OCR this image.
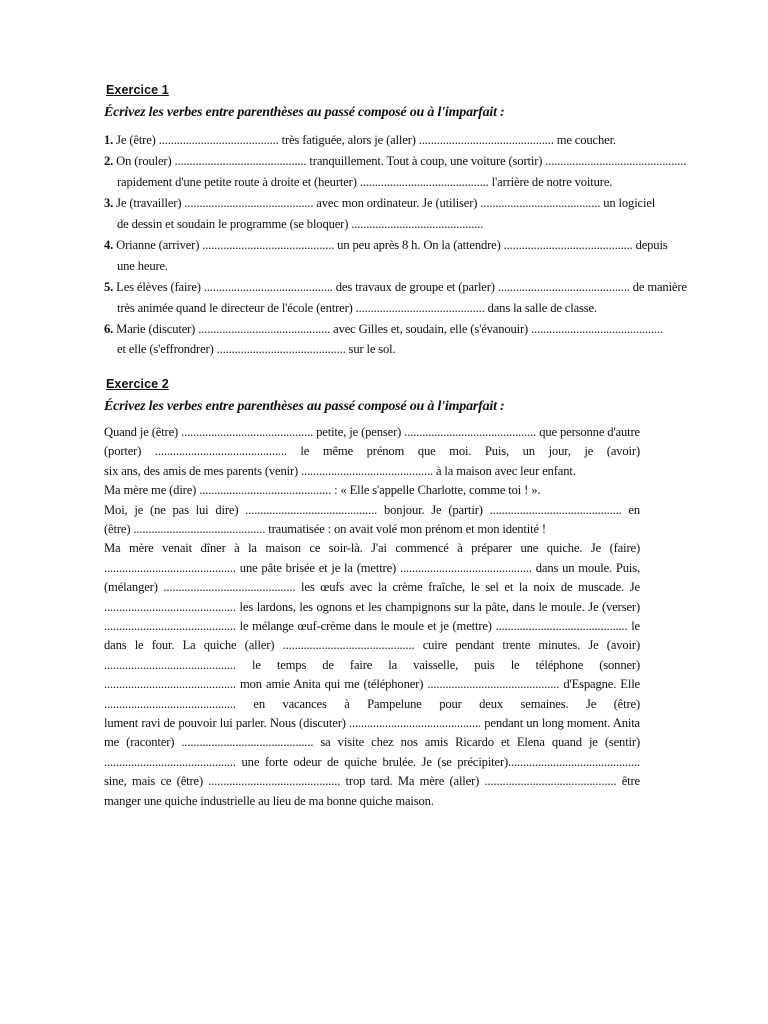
Exercice 1
Écrivez les verbes entre parenthèses au passé composé ou à l'imparfait :
1. Je (être) ........................................ très fatiguée, alors je (aller) ............................................. me coucher.
2. On (rouler) ............................................ tranquillement. Tout à coup, une voiture (sortir) ...............................................
rapidement d'une petite route à droite et (heurter) ........................................... l'arrière de notre voiture.
3. Je (travailler) ........................................... avec mon ordinateur. Je (utiliser) ........................................ un logiciel
de dessin et soudain le programme (se bloquer) ............................................
4. Orianne (arriver) ............................................ un peu après 8 h. On la (attendre) ........................................... depuis
une heure.
5. Les élèves (faire) ........................................... des travaux de groupe et (parler) ............................................ de manière
très animée quand le directeur de l'école (entrer) ........................................... dans la salle de classe.
6. Marie (discuter) ............................................ avec Gilles et, soudain, elle (s'évanouir) ............................................
et elle (s'effrondrer) ........................................... sur le sol.
Exercice 2
Écrivez les verbes entre parenthèses au passé composé ou à l'imparfait :
Quand je (être) ............................................ petite, je (penser) ............................................ que personne d'autre
(porter) ............................................ le même prénom que moi. Puis, un jour, je (avoir)
six ans, des amis de mes parents (venir) ............................................ à la maison avec leur enfant.
Ma mère me (dire) ............................................ : « Elle s'appelle Charlotte, comme toi ! ».
Moi, je (ne pas lui dire) ............................................ bonjour. Je (partir) ............................................ en
(être) ............................................ traumatisée : on avait volé mon prénom et mon identité !
Ma mère venait dîner à la maison ce soir-là. J'ai commencé à préparer une quiche. Je (faire)
............................................ une pâte brisée et je la (mettre) ............................................ dans un moule. Puis,
(mélanger) ............................................ les œufs avec la crème fraîche, le sel et la noix de muscade. Je
............................................ les lardons, les ognons et les champignons sur la pâte, dans le moule. Je (verser)
............................................ le mélange œuf-crème dans le moule et je (mettre) ............................................ le
dans le four. La quiche (aller) ............................................ cuire pendant trente minutes. Je (avoir)
............................................ le temps de faire la vaisselle, puis le téléphone (sonner)
............................................ mon amie Anita qui me (téléphoner) ............................................ d'Espagne. Elle
............................................ en vacances à Pampelune pour deux semaines. Je (être)
lument ravi de pouvoir lui parler. Nous (discuter) ............................................ pendant un long moment. Anita
me (raconter) ............................................ sa visite chez nos amis Ricardo et Elena quand je (sentir)
............................................ une forte odeur de quiche brulée. Je (se précipiter)............................................
sine, mais ce (être) ............................................ trop tard. Ma mère (aller) ............................................ être
manger une quiche industrielle au lieu de ma bonne quiche maison.
